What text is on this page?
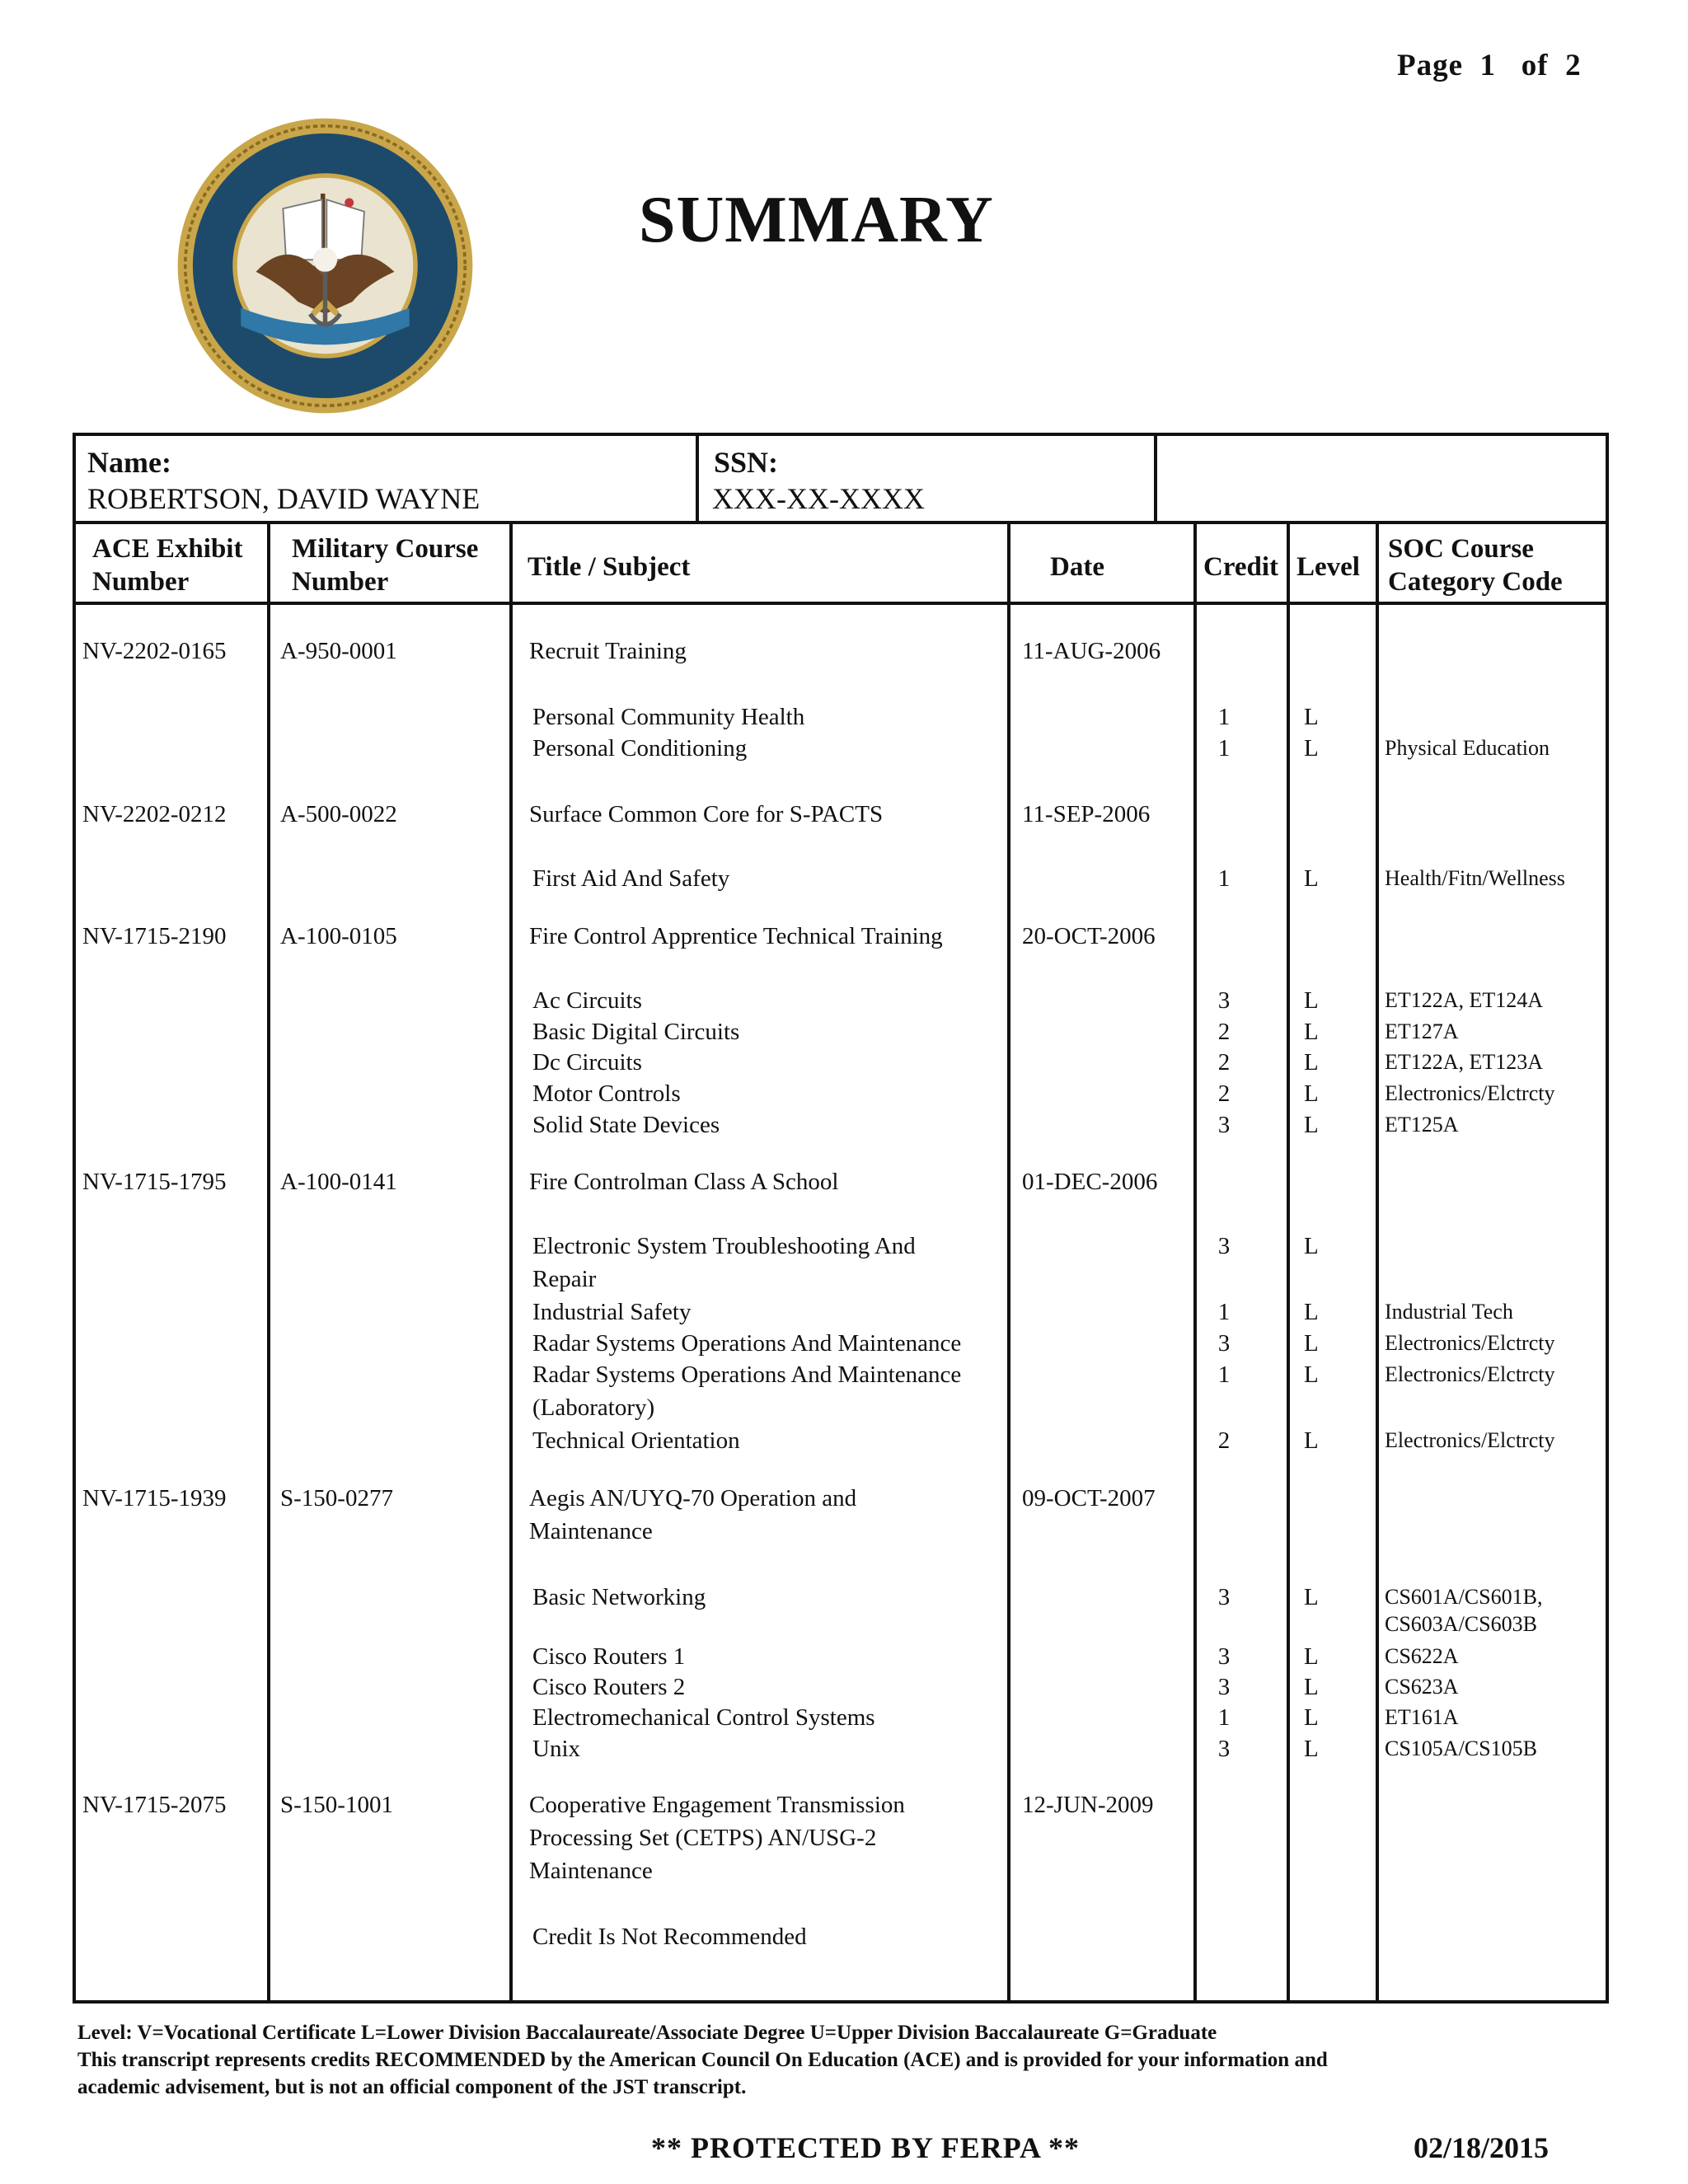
Page 1 of 2
SUMMARY
Name:
ROBERTSON, DAVID WAYNE
SSN:
XXX-XX-XXXX
ACE Exhibit
Number
Military Course
Number	Title / Subject	Date	Credit Level
SOC Course
Category Code
NV-2202-0165 A-950-0001	Recruit Training	11-AUG-2006
Personal Community Health	1	L
Personal Conditioning	1	L	Physical Education
NV-2202-0212 A-500-0022	Surface Common Core for S-PACTS	11-SEP-2006
First Aid And Safety	1	L	Health/Fitn/Wellness
NV-1715-2190 A-100-0105	Fire Control Apprentice Technical Training	20-OCT-2006
Ac Circuits	3	L	ET122A, ET124A
Basic Digital Circuits	2	L	ET127A
Dc Circuits	2	L	ET122A, ET123A
Motor Controls	2	L	Electronics/Elctrcty
Solid State Devices	3	L	ET125A
NV-1715-1795 A-100-0141	Fire Controlman Class A School	01-DEC-2006
Electronic System Troubleshooting And
Repair
3	L
Industrial Safety	1	L	Industrial Tech
Radar Systems Operations And Maintenance	3	L	Electronics/Elctrcty
Radar Systems Operations And Maintenance
(Laboratory)
1	L	Electronics/Elctrcty
Technical Orientation	2	L	Electronics/Elctrcty
NV-1715-1939 S-150-0277	Aegis AN/UYQ-70 Operation and
Maintenance
09-OCT-2007
Basic Networking	3	L	CS601A/CS601B,
CS603A/CS603B
Cisco Routers 1	3	L	CS622A
Cisco Routers 2	3	L	CS623A
Electromechanical Control Systems	1	L	ET161A
Unix	3	L	CS105A/CS105B
NV-1715-2075 S-150-1001	Cooperative Engagement Transmission
Processing Set (CETPS) AN/USG-2
Maintenance
12-JUN-2009
Credit Is Not Recommended
Level: V=Vocational Certificate L=Lower Division Baccalaureate/Associate Degree U=Upper Division Baccalaureate G=Graduate
This transcript represents credits RECOMMENDED by the American Council On Education (ACE) and is provided for your information and
academic advisement, but is not an official component of the JST transcript.
** PROTECTED BY FERPA **	02/18/2015
